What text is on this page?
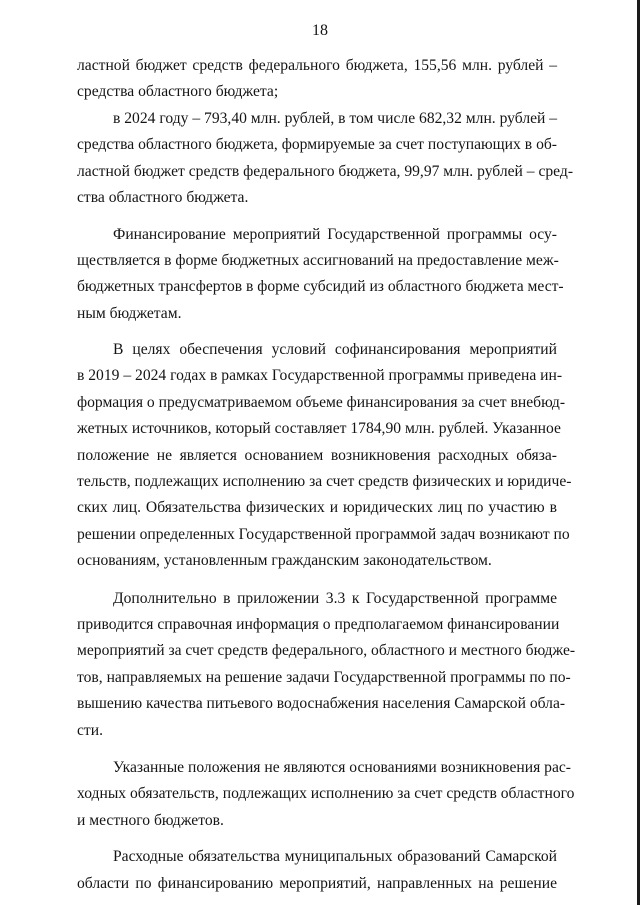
18
ластной бюджет средств федерального бюджета, 155,56 млн. рублей –
средства областного бюджета;
в 2024 году – 793,40 млн. рублей, в том числе 682,32 млн. рублей –
средства областного бюджета, формируемые за счет поступающих в об-
ластной бюджет средств федерального бюджета, 99,97 млн. рублей – сред-
ства областного бюджета.
Финансирование мероприятий Государственной программы осу-
ществляется в форме бюджетных ассигнований на предоставление меж-
бюджетных трансфертов в форме субсидий из областного бюджета мест-
ным бюджетам.
В целях обеспечения условий софинансирования мероприятий
в 2019 – 2024 годах в рамках Государственной программы приведена ин-
формация о предусматриваемом объеме финансирования за счет внебюд-
жетных источников, который составляет 1784,90 млн. рублей. Указанное
положение не является основанием возникновения расходных обяза-
тельств, подлежащих исполнению за счет средств физических и юридиче-
ских лиц. Обязательства физических и юридических лиц по участию в
решении определенных Государственной программой задач возникают по
основаниям, установленным гражданским законодательством.
Дополнительно в приложении 3.3 к Государственной программе
приводится справочная информация о предполагаемом финансировании
мероприятий за счет средств федерального, областного и местного бюдже-
тов, направляемых на решение задачи Государственной программы по по-
вышению качества питьевого водоснабжения населения Самарской обла-
сти.
Указанные положения не являются основаниями возникновения рас-
ходных обязательств, подлежащих исполнению за счет средств областного
и местного бюджетов.
Расходные обязательства муниципальных образований Самарской
области по финансированию мероприятий, направленных на решение
